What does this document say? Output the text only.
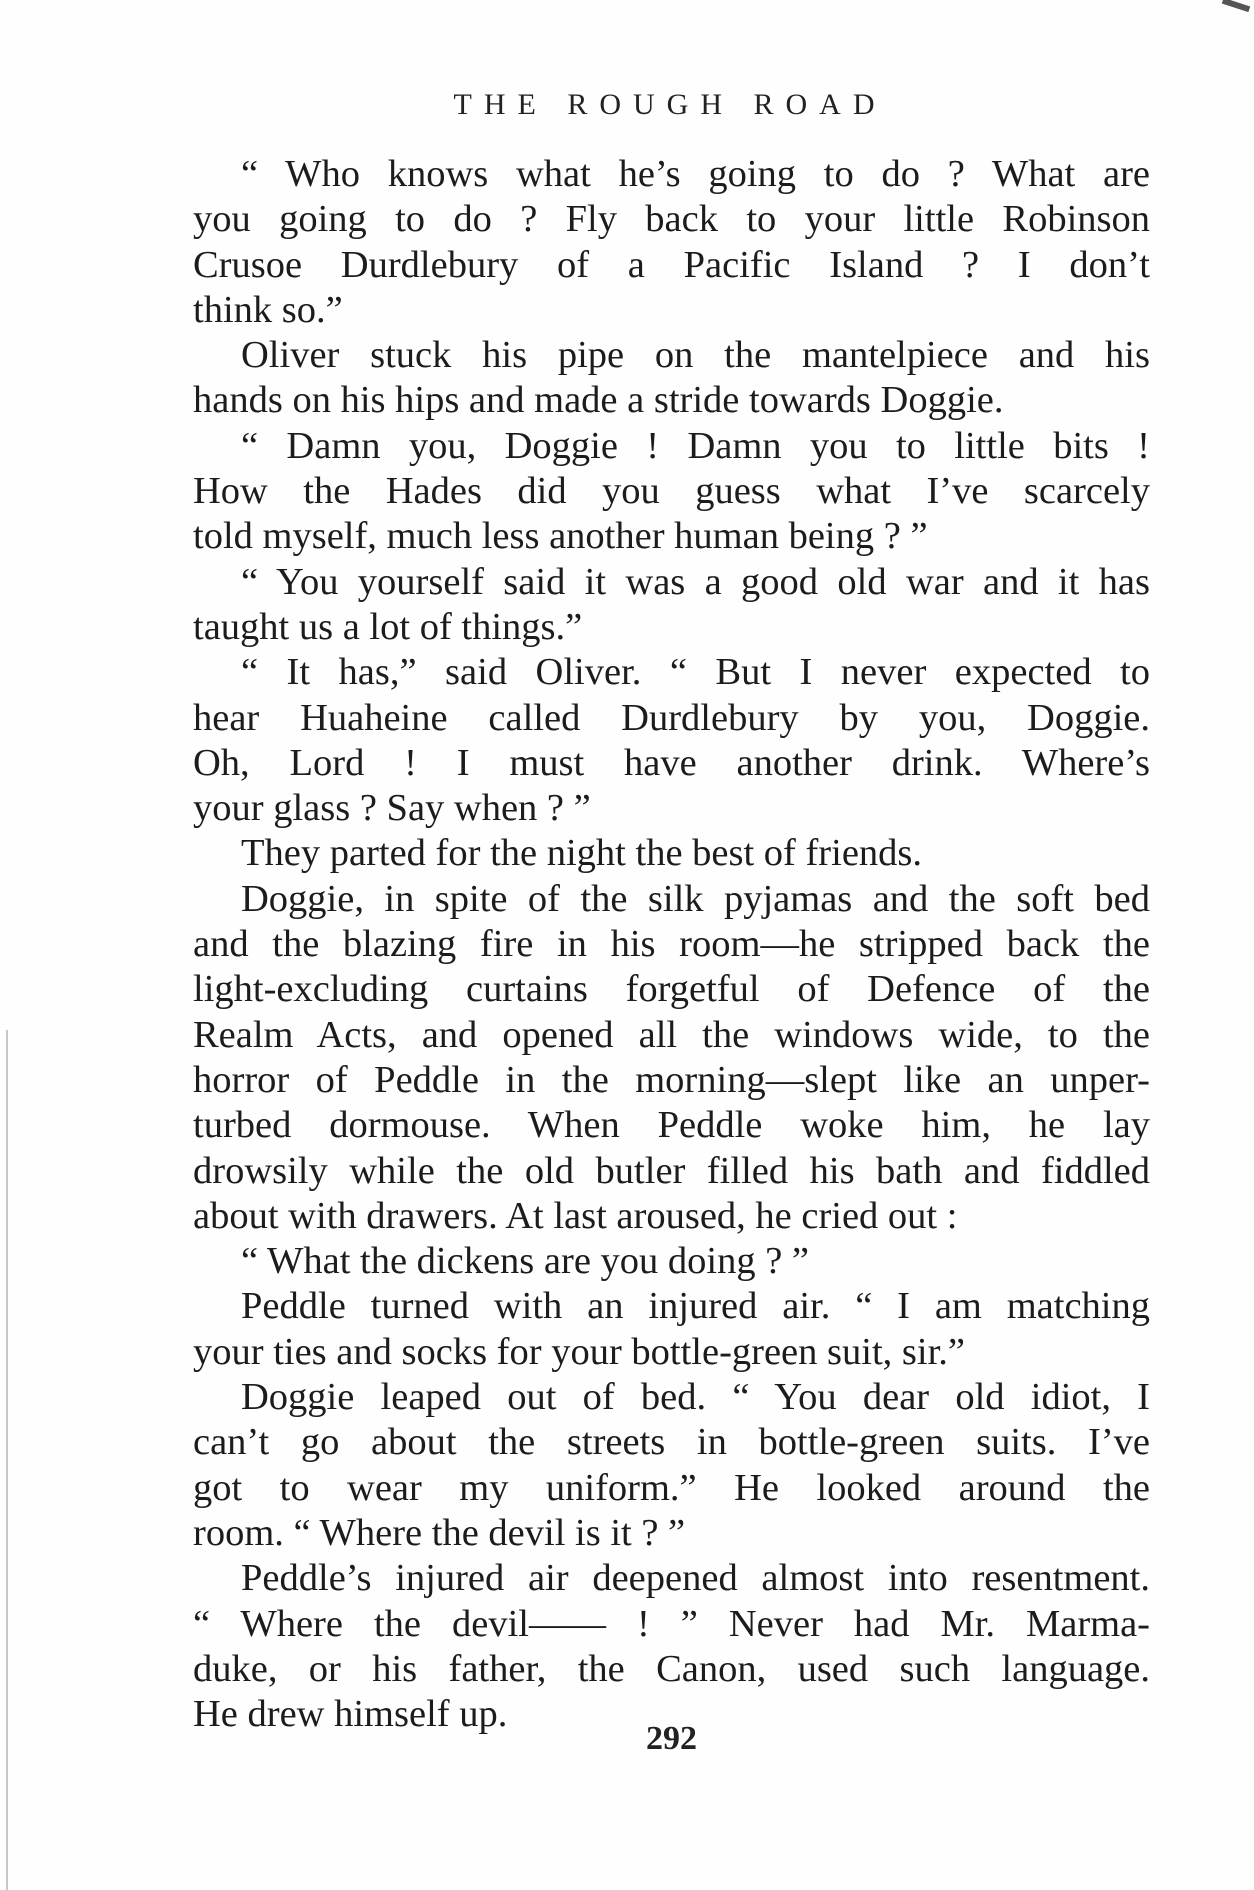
THE ROUGH ROAD
“ Who knows what he’s going to do ? What are
you going to do ? Fly back to your little Robinson
Crusoe Durdlebury of a Pacific Island ? I don’t
think so.”
Oliver stuck his pipe on the mantelpiece and his
hands on his hips and made a stride towards Doggie.
“ Damn you, Doggie ! Damn you to little bits !
How the Hades did you guess what I’ve scarcely
told myself, much less another human being ? ”
“ You yourself said it was a good old war and it has
taught us a lot of things.”
“ It has,” said Oliver. “ But I never expected to
hear Huaheine called Durdlebury by you, Doggie.
Oh, Lord ! I must have another drink. Where’s
your glass ? Say when ? ”
They parted for the night the best of friends.
Doggie, in spite of the silk pyjamas and the soft bed
and the blazing fire in his room—he stripped back the
light-excluding curtains forgetful of Defence of the
Realm Acts, and opened all the windows wide, to the
horror of Peddle in the morning—slept like an unper-
turbed dormouse. When Peddle woke him, he lay
drowsily while the old butler filled his bath and fiddled
about with drawers. At last aroused, he cried out :
“ What the dickens are you doing ? ”
Peddle turned with an injured air. “ I am matching
your ties and socks for your bottle-green suit, sir.”
Doggie leaped out of bed. “ You dear old idiot, I
can’t go about the streets in bottle-green suits. I’ve
got to wear my uniform.” He looked around the
room. “ Where the devil is it ? ”
Peddle’s injured air deepened almost into resentment.
“ Where the devil—— ! ” Never had Mr. Marma-
duke, or his father, the Canon, used such language.
He drew himself up.
292
